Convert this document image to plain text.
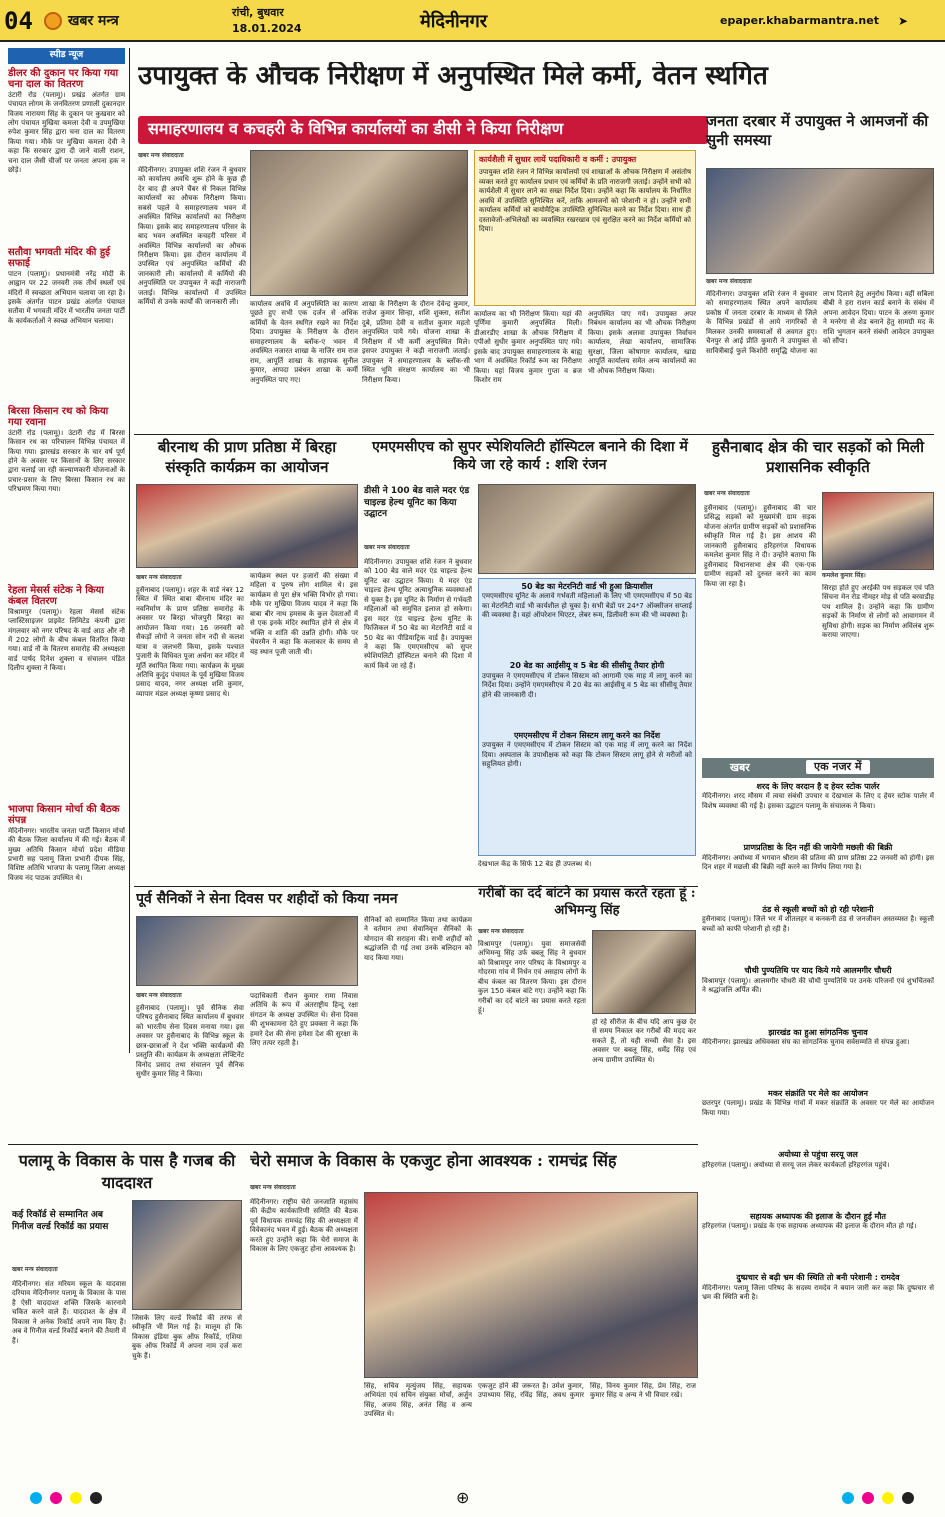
04	खबर मन्त्र
रांची, बुधवार
18.01.2024	मेदिनीनगर	epaper.khabarmantra.net ➤
स्पीड न्यूज
डीलर की दुकान पर किया गया चना दाल का वितरण
उंटारी रोड (पलामू)। प्रखंड अंतर्गत ग्राम पंचायत लोगम के जनवितरण प्रणाली दुकानदार विजय नारायण सिंह के दुकान पर कुखवार को लोग पंचायत मुखिया कमला देवी व उपमुखिया रुपेश कुमार सिंह द्वारा चना दाल का वितरण किया गया। मौके पर मुखिया कमला देवी ने कहा कि सरकार द्वारा दी जाने वाली राशन, चना दाल जैसी चीजों पर जनता अपना हक न छोड़े।
सतौवा भगवती मंदिर की हुई सफाई
पाटन (पलामू)। प्रधानमंत्री नरेंद्र मोदी के आह्वान पर 22 जनवरी तक तीर्थ स्थलों एवं मंदिरों में स्वच्छता अभियान चलाया जा रहा है। इसके अंतर्गत पाटन प्रखंड अंतर्गत पंचायत सतौवा में भगवती मंदिर में भारतीय जनता पार्टी के कार्यकर्ताओं ने स्वच्छ अभियान चलाया।
बिरसा किसान रथ को किया गया रवाना
उंटारी रोड (पलामू)। उंटारी रोड में बिरसा किसान रथ का परिचालन विभिन्न पंचायत में किया गया। झारखंड सरकार के चार वर्ष पूर्ण होने के अवसर पर किसानों के लिए सरकार द्वारा चलाई जा रही कल्याणकारी योजनाओं के प्रचार-प्रसार के लिए बिरसा किसान रथ का परिभ्रमण किया गया।
रेहला मेसर्स संटेक ने किया कंबल वितरण
विश्रामपुर (पलामू)। रेहला मेसर्स संटेक प्लास्टिसाइजर प्राइवेट लिमिटेड कंपनी द्वारा मंगलवार को नगर परिषद के वार्ड आठ और नौ में 202 लोगों के बीच कंबल वितरित किया गया। वार्ड नौ के वितरण समारोह की अध्यक्षता वार्ड पार्षद दिनेश शुक्ला व संचालन पंडित दिलीप शुक्ला ने किया।
भाजपा किसान मोर्चा की बैठक संपन्न
मेदिनीनगर। भारतीय जनता पार्टी किसान मोर्चा की बैठक जिला कार्यालय में की गई। बैठक में मुख्य अतिथि किसान मोर्चा प्रदेश मीडिया प्रभारी सह पलामू जिला प्रभारी दीपक सिंह, विशिष्ट अतिथि भाजपा के पलामू जिला अध्यक्ष विजय नंद पाठक उपस्थित थे।
उपायुक्त के औचक निरीक्षण में अनुपस्थित मिले कर्मी, वेतन स्थगित
समाहरणालय व कचहरी के विभिन्न कार्यालयों का डीसी ने किया निरीक्षण
खबर मन्त्र संवाददाता
मेदिनीनगर। उपायुक्त शशि रंजन ने बुधवार को कार्यालय अवधि शुरू होने के कुछ ही देर बाद ही अपने चैंबर से निकल विभिन्न कार्यालयों का औचक निरीक्षण किया। सबसे पहले वे समाहरणालय भवन में अवस्थित विभिन्न कार्यालयों का निरीक्षण किया। इसके बाद समाहरणालय परिसर के बाद भवन अवस्थित कचहरी परिसर में अवस्थित विभिन्न कार्यालयों का औचक निरीक्षण किया। इस दौरान कार्यालय में उपस्थित एवं अनुपस्थित कर्मियों की जानकारी ली। कार्यालयों में कर्मियों की अनुपस्थिति पर उपायुक्त ने कड़ी नाराजगी जताई। विभिन्न कार्यालयों में उपस्थित कर्मियों से उनके कार्यों की जानकारी ली।	कार्यालय अवधि में अनुपस्थिति का कारण पूछते हुए सभी एक दर्जन से अधिक कर्मियों के वेतन स्थगित रखने का निर्देश दिया। उपायुक्त के निरीक्षण के दौरान समाहरणालय के ब्लॉक-ए भवन में अवस्थित नजारत शाखा के नाजिर राम राज राम, आपूर्ति शाखा के सहायक सुनील कुमार, आपदा प्रबंधन शाखा के कर्मी अनुपस्थित पाए गए।
शाखा के निरीक्षण के दौरान देवेन्द्र कुमार, राजेश कुमार सिन्हा, शशि शुक्ला, सतीश दुबे, प्रतिमा देवी व सतीश कुमार महतो अनुपस्थित पाये गये। योजना शाखा के निरीक्षण में भी कर्मी अनुपस्थित मिले। इसपर उपायुक्त ने कड़ी नाराजगी जताई। उपायुक्त ने समाहरणालय के ब्लॉक-सी स्थित भूमि संरक्षण कार्यालय का भी निरीक्षण किया।
कार्यशैली में सुधार लायें पदाधिकारी व कर्मी : उपायुक्त
उपायुक्त शशि रंजन ने विभिन्न कार्यालयों एवं शाखाओं के औचक निरीक्षण में असंतोष व्यक्त करते हुए कार्यालय प्रधान एवं कर्मियों के प्रति नाराजगी जताई। उन्होंने सभी को कार्यशैली में सुधार लाने का सख्त निर्देश दिया। उन्होंने कहा कि कार्यालय के निर्धारित अवधि में उपस्थिति सुनिश्चित करें, ताकि आमजनों को परेशानी न हो। उन्होंने सभी कार्यालय कर्मियों को बायोमैट्रिक उपस्थिति सुनिश्चित करने का निर्देश दिया। साथ ही दस्तावेजों-अभिलेखों का व्यवस्थित रखरखाव एवं सुरक्षित करने का निर्देश कर्मियों को दिया।
कार्यालय का भी निरीक्षण किया। यहां की पूर्णिमा कुमारी अनुपस्थित मिली। डीआरडीए शाखा के औचक निरीक्षण में एपीओ सुधीर कुमार अनुपस्थित पाए गये। इसके बाद उपायुक्त समाहरणालय के बाह्य भाग में अवस्थित रिकॉर्ड रूम का निरीक्षण किया। यहां विजय कुमार गुप्ता व ब्रज किशोर राम
अनुपस्थित पाए गये। उपायुक्त अपर निबंधन कार्यालय का भी औचक निरीक्षण किया। इसके अलावा उपायुक्त निर्वाचन कार्यालय, लेखा कार्यालय, सामाजिक सुरक्षा, जिला कोषागार कार्यालय, खाद्य आपूर्ति कार्यालय समेत अन्य कार्यालयों का भी औचक निरीक्षण किया।
जनता दरबार में उपायुक्त ने आमजनों की सुनी समस्या
खबर मन्त्र संवाददाता
मेदिनीनगर। उपायुक्त शशि रंजन ने बुधवार को समाहरणालय स्थित अपने कार्यालय प्रकोष्ठ में जनता दरबार के माध्यम से जिले के विभिन्न प्रखंडों से आये नागरिकों से मिलकर उनकी समस्याओं से अवगत हुए। चैनपुर से आई प्रीति कुमारी ने उपायुक्त से सावित्रीबाई फुले किशोरी समृद्धि योजना का लाभ दिलाने हेतु अनुरोध किया। वहीं सबिला बीबी ने हरा राशन कार्ड बनाने के संबंध में अपना आवेदन दिया। पाटन के अरुण कुमार ने मनरेगा से शेड बनाने हेतु सामग्री मद के राशि भुगतान करने संबंधी आवेदन उपायुक्त को सौंपा।
बीरनाथ की प्राण प्रतिष्ठा में बिरहा संस्कृति कार्यक्रम का आयोजन
खबर मन्त्र संवाददाता
हुसैनाबाद (पलामू)। शहर के वार्ड नंबर 12 स्थित में स्थित बाबा बीरनाथ मंदिर का नवनिर्माण के प्राण प्रतिष्ठा समारोह के अवसर पर बिरहा भोजपुरी बिरहा का आयोजन किया गया। 16 जनवरी को सैकड़ों लोगों ने जनता सोन नदी से कलश यात्रा व जलभरी किया, इसके पश्चात पुजारी के विधिवत पूजा अर्चना कर मंदिर में मूर्ति स्थापित किया गया। कार्यक्रम के मुख्य अतिथि कुदुंद पंचायत के पूर्व मुखिया विजय प्रसाद यादव, नगर अध्यक्ष शशि कुमार, व्यापार मंडल अध्यक्ष कृष्णा प्रसाद थे।
कार्यक्रम स्थल पर हजारों की संख्या में महिला व पुरुष लोग शामिल थे। इस कार्यक्रम से पूरा क्षेत्र भक्ति विभोर हो गया। मौके पर मुखिया विजय यादव ने कहा कि बाबा बीर नाथ हमसब के कुल देवताओं में से एक इनके मंदिर स्थापित होने से क्षेत्र में भक्ति व शांति की उन्नति होगी। मौके पर चेयरमैन ने कहा कि कलाकार के समय से यह स्थान पूजी जाती थी।
एमएमसीएच को सुपर स्पेशियलिटी हॉस्पिटल बनाने की दिशा में किये जा रहे कार्य : शशि रंजन
डीसी ने 100 बेड वाले मदर एंड चाइल्ड हेल्थ यूनिट का किया उद्घाटन
खबर मन्त्र संवाददाता
मेदिनीनगर। उपायुक्त शशि रंजन ने बुधवार को 100 बेड वाले मदर एंड चाइल्ड हेल्थ यूनिट का उद्घाटन किया। ये मदर एंड चाइल्ड हेल्थ यूनिट अत्याधुनिक व्यवस्थाओं से युक्त है। इस यूनिट के निर्माण से गर्भवती महिलाओं को समुचित इलाज हो सकेगा। इस मदर एंड चाइल्ड हेल्थ यूनिट के फिजिकल में 50 बेड का मेटरनिटी वार्ड व 50 बेड का पीडियाट्रिक वार्ड है। उपायुक्त ने कहा कि एमएमसीएच को सुपर स्पेशियलिटी हॉस्पिटल बनाने की दिशा में कार्य किये जा रहे हैं।
50 बेड का मेटरनिटी वार्ड भी हुआ क्रियाशील
एमएमसीएच यूनिट के अलावे गर्भवती महिलाओं के लिए भी एमएमसीएच में 50 बेड का मेटरनिटी वार्ड भी कार्यशील हो चुका है। सभी बेडों पर 24*7 ऑक्सीजन सप्लाई की व्यवस्था है। वहां ऑपरेशन थिएटर, लेबर रूम, डिलीवरी रूम की भी व्यवस्था है।
20 बेड का आईसीयू व 5 बेड की सीसीयू तैयार होगी
उपायुक्त ने एमएमसीएच में टोकन सिस्टम को आगामी एक माह में लागू करने का निर्देश दिया। उन्होंने एमएमसीएच में 20 बेड का आईसीयू व 5 बेड का सीसीयू तैयार होने की जानकारी दी।
एमएमसीएच में टोकन सिस्टम लागू करने का निर्देश
उपायुक्त ने एमएमसीएच में टोकन सिस्टम को एक माह में लागू करने का निर्देश दिया। अस्पताल के उपाधीक्षक को कहा कि टोकन सिस्टम लागू होने से मरीजों को सहूलियत होगी।
देखभाल केंद्र के सिर्फ 12 बेड ही उपलब्ध थे।
हुसैनाबाद क्षेत्र की चार सड़कों को मिली प्रशासनिक स्वीकृति
खबर मन्त्र संवाददाता
हुसैनाबाद (पलामू)। हुसैनाबाद की चार प्रसिद्ध सड़कों को मुख्यमंत्री ग्राम सड़क योजना अंतर्गत ग्रामीण सड़कों को प्रशासनिक स्वीकृति मिल गई है। इस आशय की जानकारी हुसैनाबाद हरिहरगंज विधायक कमलेश कुमार सिंह ने दी। उन्होंने बताया कि हुसैनाबाद विधानसभा क्षेत्र की एक-एक ग्रामीण सड़कों को दुरुस्त करने का काम किया जा रहा है।
कमलेश कुमार सिंह।
सिरहा होते हुए अरईकी पथ सड़कल एवं पति सिंचना मेन रोड नीमहर मोड़ से पति बरवाडीह पथ शामिल है। उन्होंने कहा कि ग्रामीण सड़कों के निर्माण से लोगों को आवागमन में सुविधा होगी। सड़क का निर्माण अविलंब शुरू कराया जाएगा।
खबर	एक नजर में
शरद के लिए वरदान है द हेयर स्टोक पार्लर
मेदिनीनगर। शरद मौसम में त्वचा संबंधी उपचार व देखभाल के लिए द हेयर स्टोक पार्लर में विशेष व्यवस्था की गई है। इसका उद्घाटन पलामू के संचालक ने किया।
प्राणप्रतिष्ठा के दिन नहीं की जायेगी मछली की बिक्री
मेदिनीनगर। अयोध्या में भगवान श्रीराम की प्रतिमा की प्राण प्रतिष्ठा 22 जनवरी को होगी। इस दिन शहर में मछली की बिक्री नहीं करने का निर्णय लिया गया है।
ठंड से स्कूली बच्चों को हो रही परेशानी
हुसैनाबाद (पलामू)। जिले भर में शीतलहर व कनकनी ठंड से जनजीवन अस्तव्यस्त है। स्कूली बच्चों को काफी परेशानी हो रही है।
चौथी पुण्यतिथि पर याद किये गये आलमगीर चौधरी
विश्रामपुर (पलामू)। आलमगीर चौधरी की चौथी पुण्यतिथि पर उनके परिजनों एवं शुभचिंतकों ने श्रद्धांजलि अर्पित की।
झारखंड का हुआ सांगठनिक चुनाव
मेदिनीनगर। झारखंड अधिवक्ता संघ का सांगठनिक चुनाव सर्वसम्मति से संपन्न हुआ।
मकर संक्रांति पर मेले का आयोजन
छतरपुर (पलामू)। प्रखंड के विभिन्न गांवों में मकर संक्रांति के अवसर पर मेले का आयोजन किया गया।
अयोध्या से पहुंचा सरयू जल
हरिहरगंज (पलामू)। अयोध्या से सरयू जल लेकर कार्यकर्ता हरिहरगंज पहुंचे।
सहायक अध्यापक की इलाज के दौरान हुई मौत
हरिहरगंज (पलामू)। प्रखंड के एक सहायक अध्यापक की इलाज के दौरान मौत हो गई।
दुष्प्रचार से बढ़ी भ्रम की स्थिति तो बनी परेशानी : रामदेव
मेदिनीनगर। पलामू जिला परिषद के सदस्य रामदेव ने बयान जारी कर कहा कि दुष्प्रचार से भ्रम की स्थिति बनी है।
पूर्व सैनिकों ने सेना दिवस पर शहीदों को किया नमन
खबर मन्त्र संवाददाता
हुसैनाबाद (पलामू)। पूर्व सैनिक सेवा परिषद हुसैनाबाद स्थित कार्यालय में बुधवार को भारतीय सेना दिवस मनाया गया। इस अवसर पर हुसैनाबाद के विभिन्न स्कूल के छात्र-छात्राओं ने देश भक्ति कार्यक्रमों की प्रस्तुति की। कार्यक्रम के अध्यक्षता लेफ्टिनेंट विनोद प्रसाद तथा संचालन पूर्व सैनिक सुधीर कुमार सिंह ने किया।
पदाधिकारी रौशन कुमार रामा निवास अतिथि के रूप में अंतराष्ट्रीय हिन्दू रक्षा संगठन के अध्यक्ष उपस्थित थे। सेना दिवस की शुभकामना देते हुए प्रवक्ता ने कहा कि हमारे देश की सेना हमेशा देश की सुरक्षा के लिए तत्पर रहती है।
सैनिकों को सम्मानित किया तथा कार्यक्रम ने वर्तमान तथा सेवानिवृत्त सैनिकों के योगदान की सराहना की। सभी शहीदों को श्रद्धांजलि दी गई तथा उनके बलिदान को याद किया गया।
गरीबों का दर्द बांटने का प्रयास करते रहता हूं : अभिमन्यु सिंह
खबर मन्त्र संवाददाता
विश्रामपुर (पलामू)। युवा समाजसेवी अभिमन्यु सिंह उर्फ बबलू सिंह ने बुधवार को विश्रामपुर नगर परिषद के विश्रामपुर व गोदरमा गांव में निर्धन एवं असहाय लोगों के बीच कंबल का वितरण किया। इस दौरान कुल 150 कंबल बांटे गए। उन्होंने कहा कि गरीबों का दर्द बांटने का प्रयास करते रहता हूं।
हो रहे सीरीज के बीच यदि आप कुछ देर से समय निकाल कर गरीबों की मदद कर सकते हैं, तो यही सच्ची सेवा है। इस अवसर पर बबलू सिंह, धर्मेंद्र सिंह एवं अन्य ग्रामीण उपस्थित थे।
पलामू के विकास के पास है गजब की याददाश्त
कई रिकॉर्ड से सम्मानित अब गिनीज वर्ल्ड रिकॉर्ड का प्रयास
खबर मन्त्र संवाददाता
मेदिनीनगर। संत मरियम स्कूल के यादवास दरियाव मेदिनीनगर पलामू के विकास के पास है ऐसी याददाश्त शक्ति जिसके कारनामे चकित करने वाले हैं। याददाश्त के क्षेत्र में विकास ने अनेक रिकॉर्ड अपने नाम किए हैं। अब वे गिनीज वर्ल्ड रिकॉर्ड बनाने की तैयारी में हैं।
जिसके लिए वर्ल्ड रिकॉर्ड की तरफ से स्वीकृति भी मिल गई है। मालूम हो कि विकास इंडिया बुक ऑफ रिकॉर्ड, एशिया बुक ऑफ रिकॉर्ड में अपना नाम दर्ज करा चुके हैं।
चेरो समाज के विकास के एकजुट होना आवश्यक : रामचंद्र सिंह
खबर मन्त्र संवाददाता
मेदिनीनगर। राष्ट्रीय चेरो जनजाति महासंघ की केंद्रीय कार्यकारिणी समिति की बैठक पूर्व विधायक रामचंद्र सिंह की अध्यक्षता में विवेकानंद भवन में हुई। बैठक की अध्यक्षता करते हुए उन्होंने कहा कि चेरो समाज के विकास के लिए एकजुट होना आवश्यक है।
सिंह, सचिव मृत्युंजय सिंह, सहायक अभियंता एवं सचिन संयुक्त मोर्चा, अर्जुन सिंह, अजय सिंह, अनंत सिंह व अन्य उपस्थित थे।
एकजुट होने की जरूरत है। उमेश कुमार, उपाध्याय सिंह, रविंद्र सिंह, अवध कुमार सिंह, विनय कुमार सिंह, प्रेम सिंह, राज कुमार सिंह व अन्य ने भी विचार रखे।
⊕
